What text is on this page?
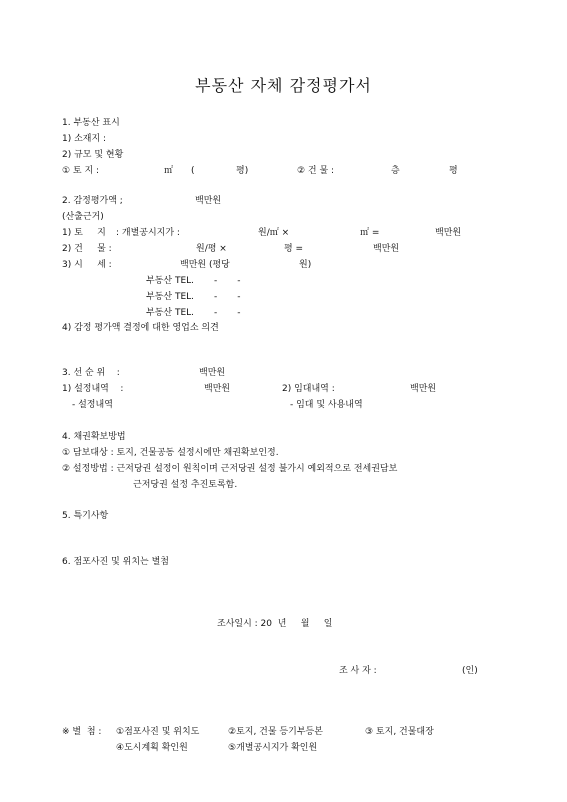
부동산 자체 감정평가서
1. 부동산 표시
1) 소재지 :
2) 규모 및 현황
① 토 지 :	㎡ (	평)	② 건 물 :	층	평
2. 감정평가액 ;	백만원
(산출근거)
1) 토     지 : 개별공시지가 :	원/㎡ ×	㎡ =	백만원
2) 건     물 :	원/평 ×	평 =	백만원
3) 시     세 :	백만원 (평당	원)
부동산 TEL.       -       -
부동산 TEL.       -       -
부동산 TEL.       -       -
4) 감정 평가액 결정에 대한 영업소 의견
3. 선 순 위    :	백만원
1) 설정내역    :	백만원	2) 임대내역 :	백만원
- 설정내역	- 임대 및 사용내역
4. 채권확보방법
① 담보대상 : 토지, 건물공동 설정시에만 채권확보인정.
② 설정방법 : 근저당권 설정이 원칙이며 근저당권 설정 불가시 예외적으로 전세권담보
근저당권 설정 추진토록함.
5. 특기사항
6. 점포사진 및 위치는 별첨
조사일시 : 20  년     월     일
조 사 자 :	(인)
※ 별  첨 : ①점포사진 및 위치도	②토지, 건물 등기부등본	③ 토지, 건물대장
④도시계획 확인원	⑤개별공시지가 확인원
